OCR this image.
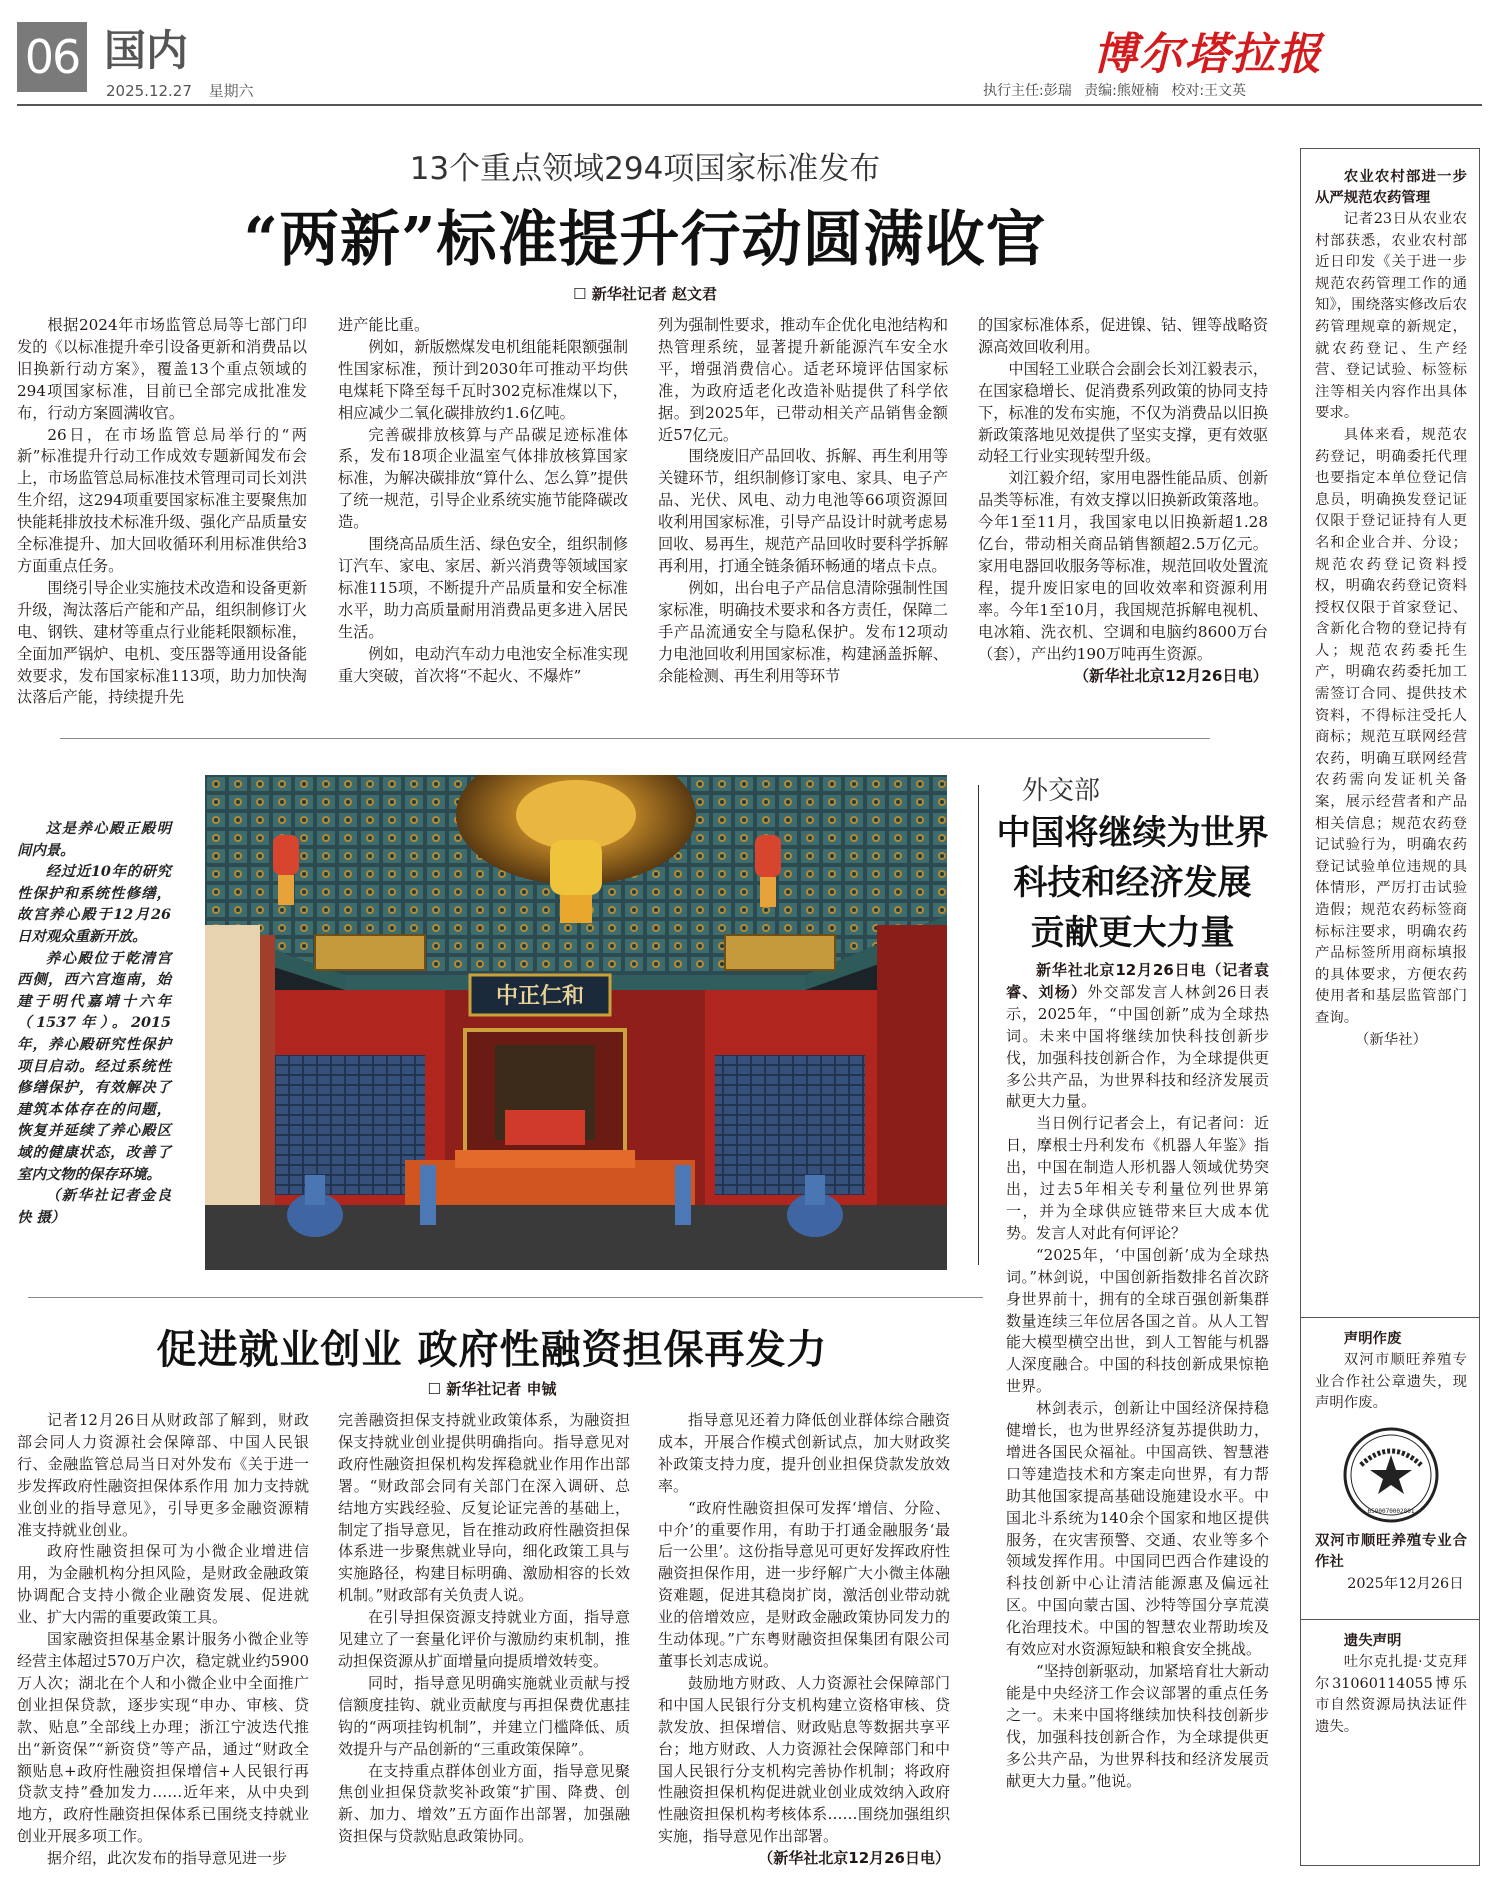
06 国内
2025.12.27 星期六
博尔塔拉报
执行主任:彭瑞 责编:熊娅楠 校对:王文英
13个重点领域294项国家标准发布
“两新”标准提升行动圆满收官
☐ 新华社记者 赵文君

根据2024年市场监管总局等七部门印发的《以标准提升牵引设备更新和消费品以旧换新行动方案》，覆盖13个重点领域的294项国家标准，目前已全部完成批准发布，行动方案圆满收官。

26日，在市场监管总局举行的“两新”标准提升行动工作成效专题新闻发布会上，市场监管总局标准技术管理司司长刘洪生介绍，这294项重要国家标准主要聚焦加快能耗排放技术标准升级、强化产品质量安全标准提升、加大回收循环利用标准供给3方面重点任务。

围绕引导企业实施技术改造和设备更新升级，淘汰落后产能和产品，组织制修订火电、钢铁、建材等重点行业能耗限额标准，全面加严锅炉、电机、变压器等通用设备能效要求，发布国家标准113项，助力加快淘汰落后产能，持续提升先

进产能比重。

例如，新版燃煤发电机组能耗限额强制性国家标准，预计到2030年可推动平均供电煤耗下降至每千瓦时302克标准煤以下，相应减少二氧化碳排放约1.6亿吨。

完善碳排放核算与产品碳足迹标准体系，发布18项企业温室气体排放核算国家标准，为解决碳排放“算什么、怎么算”提供了统一规范，引导企业系统实施节能降碳改造。

围绕高品质生活、绿色安全，组织制修订汽车、家电、家居、新兴消费等领域国家标准115项，不断提升产品质量和安全标准水平，助力高质量耐用消费品更多进入居民生活。

例如，电动汽车动力电池安全标准实现重大突破，首次将“不起火、不爆炸”

列为强制性要求，推动车企优化电池结构和热管理系统，显著提升新能源汽车安全水平，增强消费信心。适老环境评估国家标准，为政府适老化改造补贴提供了科学依据。到2025年，已带动相关产品销售金额近57亿元。

围绕废旧产品回收、拆解、再生利用等关键环节，组织制修订家电、家具、电子产品、光伏、风电、动力电池等66项资源回收利用国家标准，引导产品设计时就考虑易回收、易再生，规范产品回收时要科学拆解再利用，打通全链条循环畅通的堵点卡点。

例如，出台电子产品信息清除强制性国家标准，明确技术要求和各方责任，保障二手产品流通安全与隐私保护。发布12项动力电池回收利用国家标准，构建涵盖拆解、余能检测、再生利用等环节

的国家标准体系，促进镍、钴、锂等战略资源高效回收利用。

中国轻工业联合会副会长刘江毅表示，在国家稳增长、促消费系列政策的协同支持下，标准的发布实施，不仅为消费品以旧换新政策落地见效提供了坚实支撑，更有效驱动轻工行业实现转型升级。

刘江毅介绍，家用电器性能品质、创新品类等标准，有效支撑以旧换新政策落地。今年1至11月，我国家电以旧换新超1.28亿台，带动相关商品销售额超2.5万亿元。家用电器回收服务等标准，规范回收处置流程，提升废旧家电的回收效率和资源利用率。今年1至10月，我国规范拆解电视机、电冰箱、洗衣机、空调和电脑约8600万台（套），产出约190万吨再生资源。

（新华社北京12月26日电）

中正仁和

这是养心殿正殿明间内景。

经过近10年的研究性保护和系统性修缮，故宫养心殿于12月26日对观众重新开放。

养心殿位于乾清宫西侧，西六宫迤南，始建于明代嘉靖十六年（1537年）。2015年，养心殿研究性保护项目启动。经过系统性修缮保护，有效解决了建筑本体存在的问题，恢复并延续了养心殿区域的健康状态，改善了室内文物的保存环境。

（新华社记者金良快 摄）

外交部
中国将继续为世界
科技和经济发展
贡献更大力量

新华社北京12月26日电（记者袁睿、刘杨）外交部发言人林剑26日表示，2025年，“中国创新”成为全球热词。未来中国将继续加快科技创新步伐，加强科技创新合作，为全球提供更多公共产品，为世界科技和经济发展贡献更大力量。

当日例行记者会上，有记者问：近日，摩根士丹利发布《机器人年鉴》指出，中国在制造人形机器人领域优势突出，过去5年相关专利量位列世界第一，并为全球供应链带来巨大成本优势。发言人对此有何评论？

“2025年，‘中国创新’成为全球热词。”林剑说，中国创新指数排名首次跻身世界前十，拥有的全球百强创新集群数量连续三年位居各国之首。从人工智能大模型横空出世，到人工智能与机器人深度融合。中国的科技创新成果惊艳世界。

林剑表示，创新让中国经济保持稳健增长，也为世界经济复苏提供助力，增进各国民众福祉。中国高铁、智慧港口等建造技术和方案走向世界，有力帮助其他国家提高基础设施建设水平。中国北斗系统为140余个国家和地区提供服务，在灾害预警、交通、农业等多个领域发挥作用。中国同巴西合作建设的科技创新中心让清洁能源惠及偏远社区。中国向蒙古国、沙特等国分享荒漠化治理技术。中国的智慧农业帮助埃及有效应对水资源短缺和粮食安全挑战。

“坚持创新驱动，加紧培育壮大新动能是中央经济工作会议部署的重点任务之一。未来中国将继续加快科技创新步伐，加强科技创新合作，为全球提供更多公共产品，为世界科技和经济发展贡献更大力量。”他说。

促进就业创业 政府性融资担保再发力
☐ 新华社记者 申铖

记者12月26日从财政部了解到，财政部会同人力资源社会保障部、中国人民银行、金融监管总局当日对外发布《关于进一步发挥政府性融资担保体系作用 加力支持就业创业的指导意见》，引导更多金融资源精准支持就业创业。

政府性融资担保可为小微企业增进信用，为金融机构分担风险，是财政金融政策协调配合支持小微企业融资发展、促进就业、扩大内需的重要政策工具。

国家融资担保基金累计服务小微企业等经营主体超过570万户次，稳定就业约5900万人次；湖北在个人和小微企业中全面推广创业担保贷款，逐步实现“申办、审核、贷款、贴息”全部线上办理；浙江宁波迭代推出“新资保”“新资贷”等产品，通过“财政全额贴息+政府性融资担保增信+人民银行再贷款支持”叠加发力……近年来，从中央到地方，政府性融资担保体系已围绕支持就业创业开展多项工作。

据介绍，此次发布的指导意见进一步

完善融资担保支持就业政策体系，为融资担保支持就业创业提供明确指向。指导意见对政府性融资担保机构发挥稳就业作用作出部署。“财政部会同有关部门在深入调研、总结地方实践经验、反复论证完善的基础上，制定了指导意见，旨在推动政府性融资担保体系进一步聚焦就业导向，细化政策工具与实施路径，构建目标明确、激励相容的长效机制。”财政部有关负责人说。

在引导担保资源支持就业方面，指导意见建立了一套量化评价与激励约束机制，推动担保资源从扩面增量向提质增效转变。

同时，指导意见明确实施就业贡献与授信额度挂钩、就业贡献度与再担保费优惠挂钩的“两项挂钩机制”，并建立门槛降低、质效提升与产品创新的“三重政策保障”。

在支持重点群体创业方面，指导意见聚焦创业担保贷款奖补政策“扩围、降费、创新、加力、增效”五方面作出部署，加强融资担保与贷款贴息政策协同。

指导意见还着力降低创业群体综合融资成本，开展合作模式创新试点，加大财政奖补政策支持力度，提升创业担保贷款发放效率。

“政府性融资担保可发挥‘增信、分险、中介’的重要作用，有助于打通金融服务‘最后一公里’。这份指导意见可更好发挥政府性融资担保作用，进一步纾解广大小微主体融资难题，促进其稳岗扩岗，激活创业带动就业的倍增效应，是财政金融政策协同发力的生动体现。”广东粤财融资担保集团有限公司董事长刘志成说。

鼓励地方财政、人力资源社会保障部门和中国人民银行分支机构建立资格审核、贷款发放、担保增信、财政贴息等数据共享平台；地方财政、人力资源社会保障部门和中国人民银行分支机构完善协作机制；将政府性融资担保机构促进就业创业成效纳入政府性融资担保机构考核体系……围绕加强组织实施，指导意见作出部署。

（新华社北京12月26日电）

农业农村部进一步从严规范农药管理

记者23日从农业农村部获悉，农业农村部近日印发《关于进一步规范农药管理工作的通知》，围绕落实修改后农药管理规章的新规定，就农药登记、生产经营、登记试验、标签标注等相关内容作出具体要求。

具体来看，规范农药登记，明确委托代理也要指定本单位登记信息员，明确换发登记证仅限于登记证持有人更名和企业合并、分设；规范农药登记资料授权，明确农药登记资料授权仅限于首家登记、含新化合物的登记持有人；规范农药委托生产，明确农药委托加工需签订合同、提供技术资料，不得标注受托人商标；规范互联网经营农药，明确互联网经营农药需向发证机关备案，展示经营者和产品相关信息；规范农药登记试验行为，明确农药登记试验单位违规的具体情形，严厉打击试验造假；规范农药标签商标标注要求，明确农药产品标签所用商标填报的具体要求，方便农药使用者和基层监管部门查询。

（新华社）

声明作废

双河市顺旺养殖专业合作社公章遗失，现声明作废。

6590070002801
双河市顺旺养殖专业合作社

2025年12月26日

遗失声明

吐尔克扎提·艾克拜尔31060114055博乐市自然资源局执法证件遗失。
